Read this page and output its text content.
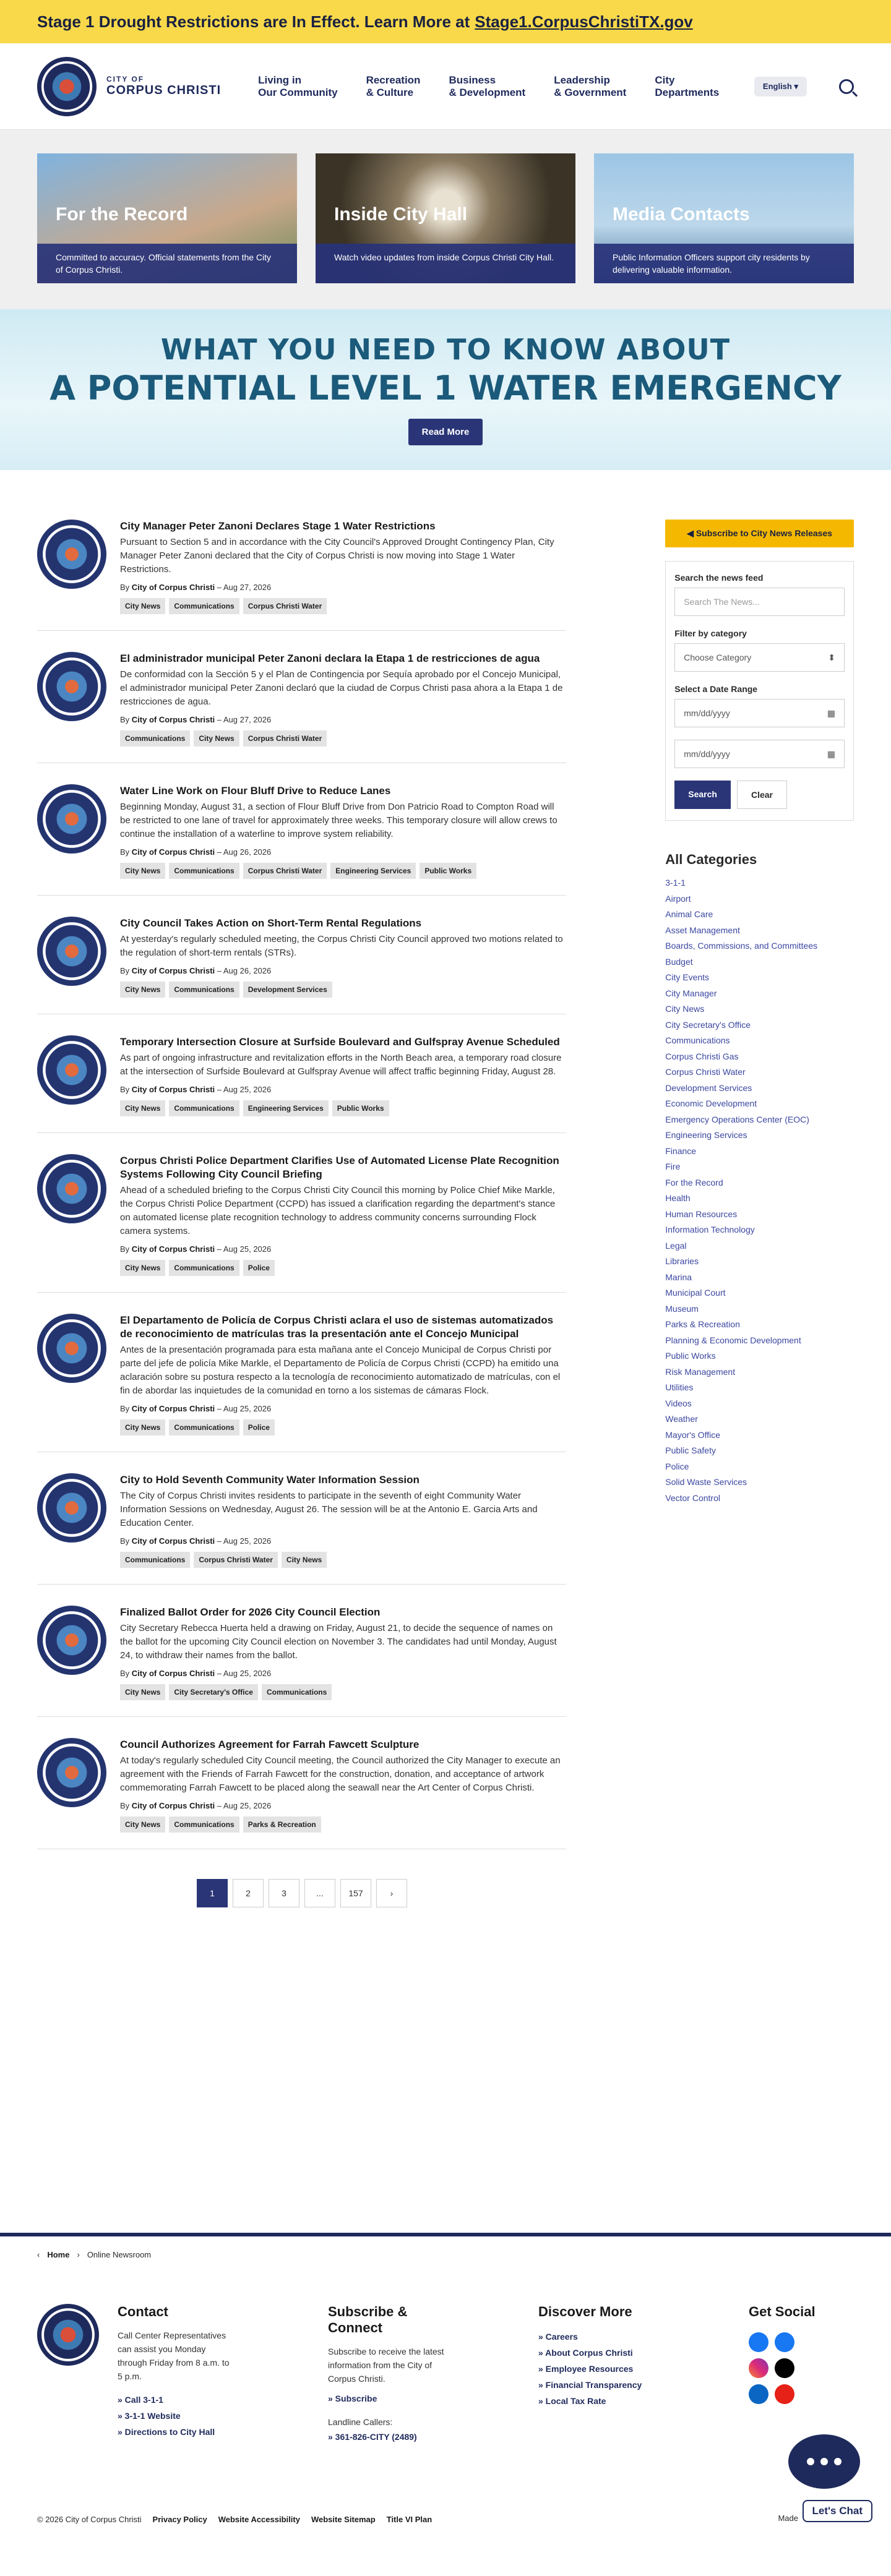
Stage 1 Drought Restrictions are In Effect. Learn More at Stage1.CorpusChristiTX.gov
CITY OF
CORPUS CHRISTI
Living in
Our Community
Recreation
& Culture
Business
& Development
Leadership
& Government
City
Departments
English ▾
For the Record
Committed to accuracy. Official statements from the City of Corpus Christi.
Inside City Hall
Watch video updates from inside Corpus Christi City Hall.
Media Contacts
Public Information Officers support city residents by delivering valuable information.
WHAT YOU NEED TO KNOW ABOUT
A POTENTIAL LEVEL 1 WATER EMERGENCY
Read More
City Manager Peter Zanoni Declares Stage 1 Water Restrictions
Pursuant to Section 5 and in accordance with the City Council's Approved Drought Contingency Plan, City Manager Peter Zanoni declared that the City of Corpus Christi is now moving into Stage 1 Water Restrictions.
By City of Corpus Christi – Aug 27, 2026
City News	Communications	Corpus Christi Water
El administrador municipal Peter Zanoni declara la Etapa 1 de restricciones de agua
De conformidad con la Sección 5 y el Plan de Contingencia por Sequía aprobado por el Concejo Municipal, el administrador municipal Peter Zanoni declaró que la ciudad de Corpus Christi pasa ahora a la Etapa 1 de restricciones de agua.
By City of Corpus Christi – Aug 27, 2026
Communications	City News	Corpus Christi Water
Water Line Work on Flour Bluff Drive to Reduce Lanes
Beginning Monday, August 31, a section of Flour Bluff Drive from Don Patricio Road to Compton Road will be restricted to one lane of travel for approximately three weeks. This temporary closure will allow crews to continue the installation of a waterline to improve system reliability.
By City of Corpus Christi – Aug 26, 2026
City News	Communications	Corpus Christi Water	Engineering Services	Public Works
City Council Takes Action on Short-Term Rental Regulations
At yesterday's regularly scheduled meeting, the Corpus Christi City Council approved two motions related to the regulation of short-term rentals (STRs).
By City of Corpus Christi – Aug 26, 2026
City News	Communications	Development Services
Temporary Intersection Closure at Surfside Boulevard and Gulfspray Avenue Scheduled
As part of ongoing infrastructure and revitalization efforts in the North Beach area, a temporary road closure at the intersection of Surfside Boulevard at Gulfspray Avenue will affect traffic beginning Friday, August 28.
By City of Corpus Christi – Aug 25, 2026
City News	Communications	Engineering Services	Public Works
Corpus Christi Police Department Clarifies Use of Automated License Plate Recognition Systems Following City Council Briefing
Ahead of a scheduled briefing to the Corpus Christi City Council this morning by Police Chief Mike Markle, the Corpus Christi Police Department (CCPD) has issued a clarification regarding the department's stance on automated license plate recognition technology to address community concerns surrounding Flock camera systems.
By City of Corpus Christi – Aug 25, 2026
City News	Communications	Police
El Departamento de Policía de Corpus Christi aclara el uso de sistemas automatizados de reconocimiento de matrículas tras la presentación ante el Concejo Municipal
Antes de la presentación programada para esta mañana ante el Concejo Municipal de Corpus Christi por parte del jefe de policía Mike Markle, el Departamento de Policía de Corpus Christi (CCPD) ha emitido una aclaración sobre su postura respecto a la tecnología de reconocimiento automatizado de matrículas, con el fin de abordar las inquietudes de la comunidad en torno a los sistemas de cámaras Flock.
By City of Corpus Christi – Aug 25, 2026
City News	Communications	Police
City to Hold Seventh Community Water Information Session
The City of Corpus Christi invites residents to participate in the seventh of eight Community Water Information Sessions on Wednesday, August 26. The session will be at the Antonio E. Garcia Arts and Education Center.
By City of Corpus Christi – Aug 25, 2026
Communications	Corpus Christi Water	City News
Finalized Ballot Order for 2026 City Council Election
City Secretary Rebecca Huerta held a drawing on Friday, August 21, to decide the sequence of names on the ballot for the upcoming City Council election on November 3. The candidates had until Monday, August 24, to withdraw their names from the ballot.
By City of Corpus Christi – Aug 25, 2026
City News	City Secretary's Office	Communications
Council Authorizes Agreement for Farrah Fawcett Sculpture
At today's regularly scheduled City Council meeting, the Council authorized the City Manager to execute an agreement with the Friends of Farrah Fawcett for the construction, donation, and acceptance of artwork commemorating Farrah Fawcett to be placed along the seawall near the Art Center of Corpus Christi.
By City of Corpus Christi – Aug 25, 2026
City News	Communications	Parks & Recreation
1	2	3	...	157	›
◀ Subscribe to City News Releases
Search the news feed
Search The News...
Filter by category
Choose Category	⬍
Select a Date Range
mm/dd/yyyy	▦
mm/dd/yyyy	▦
Search	Clear
All Categories
3-1-1
Airport
Animal Care
Asset Management
Boards, Commissions, and Committees
Budget
City Events
City Manager
City News
City Secretary's Office
Communications
Corpus Christi Gas
Corpus Christi Water
Development Services
Economic Development
Emergency Operations Center (EOC)
Engineering Services
Finance
Fire
For the Record
Health
Human Resources
Information Technology
Legal
Libraries
Marina
Municipal Court
Museum
Parks & Recreation
Planning & Economic Development
Public Works
Risk Management
Utilities
Videos
Weather
Mayor's Office
Public Safety
Police
Solid Waste Services
Vector Control
‹ Home › Online Newsroom
Contact
Call Center Representatives can assist you Monday through Friday from 8 a.m. to 5 p.m.
» Call 3-1-1
» 3-1-1 Website
» Directions to City Hall
Subscribe &
Connect
Subscribe to receive the latest information from the City of Corpus Christi.
» Subscribe
Landline Callers:
» 361-826-CITY (2489)
Discover More
» Careers
» About Corpus Christi
» Employee Resources
» Financial Transparency
» Local Tax Rate
Get Social
© 2026 City of Corpus Christi Privacy Policy Website Accessibility Website Sitemap Title VI Plan	Made
Let's Chat
